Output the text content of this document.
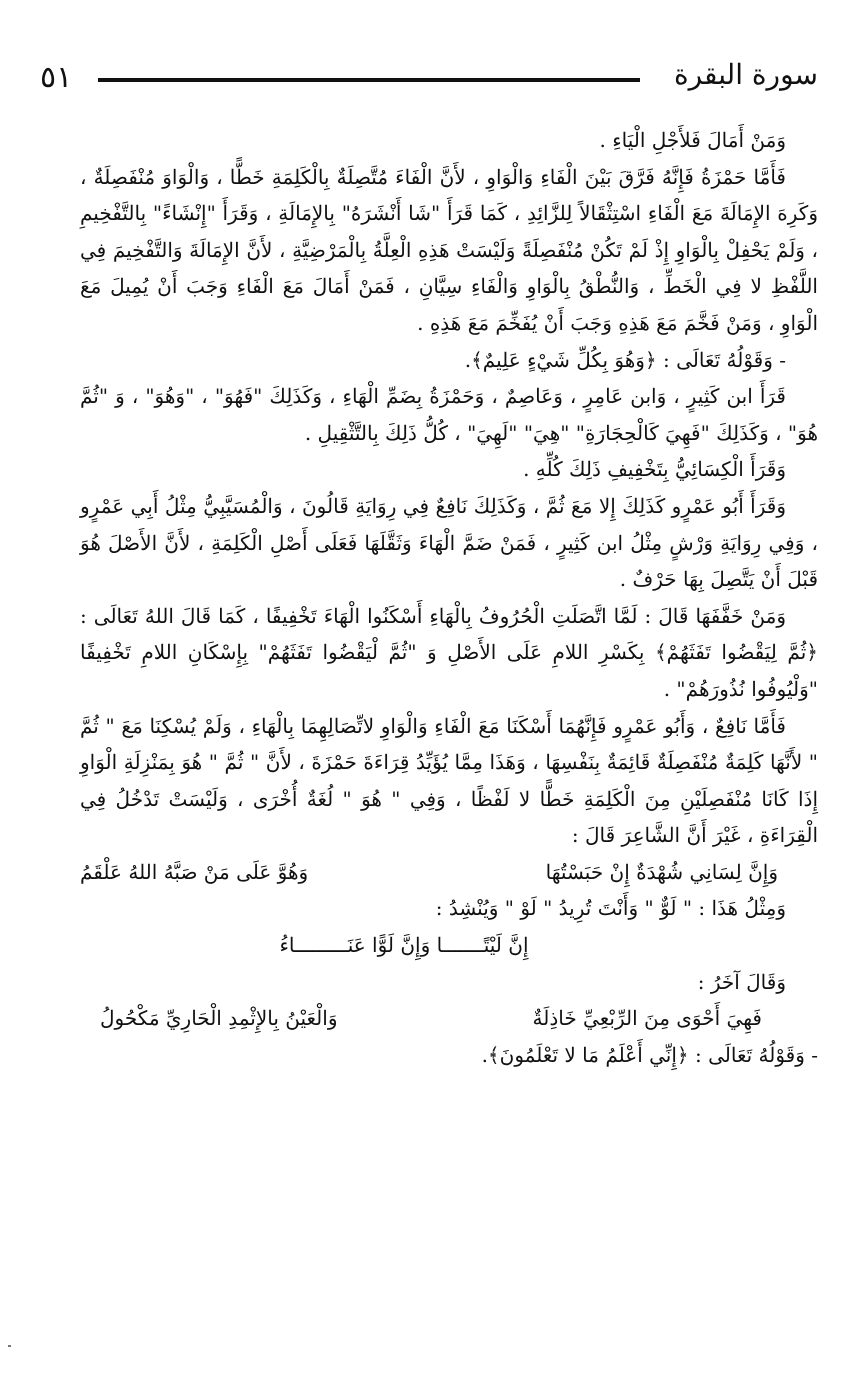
٥١	سورة البقرة

وَمَنْ أَمَالَ فَلأَجْلِ الْيَاءِ .

فَأَمَّا حَمْزَةُ فَإِنَّهُ فَرَّقَ بَيْنَ الْفَاءِ وَالْوَاوِ ، لأَنَّ الْفَاءَ مُتَّصِلَةٌ بِالْكَلِمَةِ خَطًّا ، وَالْوَاوَ مُنْفَصِلَةٌ ، وَكَرِهَ الإِمَالَةَ مَعَ الْفَاءِ اسْتِثْقَالاً لِلزَّائِدِ ، كَمَا قَرَأَ "شَا أَنْشَرَهُ" بِالإِمَالَةِ ، وَقَرَأَ "إِنْشَاءً" بِالتَّفْخِيمِ ، وَلَمْ يَحْفِلْ بِالْوَاوِ إِذْ لَمْ تَكُنْ مُنْفَصِلَةً وَلَيْسَتْ هَذِهِ الْعِلَّةُ بِالْمَرْضِيَّةِ ، لأَنَّ الإِمَالَةَ وَالتَّفْخِيمَ فِي اللَّفْظِ لا فِي الْخَطِّ ، وَالنُّطْقُ بِالْوَاوِ وَالْفَاءِ سِيَّانِ ، فَمَنْ أَمَالَ مَعَ الْفَاءِ وَجَبَ أَنْ يُمِيلَ مَعَ الْوَاوِ ، وَمَنْ فَخَّمَ مَعَ هَذِهِ وَجَبَ أَنْ يُفَخِّمَ مَعَ هَذِهِ .

- وَقَوْلُهُ تَعَالَى : ﴿وَهُوَ بِكُلِّ شَيْءٍ عَلِيمٌ﴾.

قَرَأَ ابن كَثِيرٍ ، وَابن عَامِرٍ ، وَعَاصِمٌ ، وَحَمْزَةُ بِضَمِّ الْهَاءِ ، وَكَذَلِكَ "فَهُوَ" ، "وَهُوَ" ، وَ "ثُمَّ هُوَ" ، وَكَذَلِكَ "فَهِيَ كَالْحِجَارَةِ" "هِيَ" "لَهِيَ" ، كُلُّ ذَلِكَ بِالتَّثْقِيلِ .

وَقَرَأَ الْكِسَائِيُّ بِتَخْفِيفِ ذَلِكَ كُلِّهِ .

وَقَرَأَ أَبُو عَمْرٍو كَذَلِكَ إِلا مَعَ ثُمَّ ، وَكَذَلِكَ نَافِعٌ فِي رِوَايَةِ قَالُونَ ، وَالْمُسَيَّبِيُّ مِثْلُ أَبِي عَمْرٍو ، وَفِي رِوَايَةِ وَرْشٍ مِثْلُ ابن كَثِيرٍ ، فَمَنْ ضَمَّ الْهَاءَ وَثَقَّلَهَا فَعَلَى أَصْلِ الْكَلِمَةِ ، لأَنَّ الأَصْلَ هُوَ قَبْلَ أَنْ يَتَّصِلَ بِهَا حَرْفٌ .

وَمَنْ خَفَّفَهَا قَالَ : لَمَّا اتَّصَلَتِ الْحُرُوفُ بِالْهَاءِ أَسْكَنُوا الْهَاءَ تَخْفِيفًا ، كَمَا قَالَ اللهُ تَعَالَى : ﴿ثُمَّ لِيَقْضُوا تَفَثَهُمْ﴾ بِكَسْرِ اللامِ عَلَى الأَصْلِ وَ "ثُمَّ لْيَقْضُوا تَفَثَهُمْ" بِإِسْكَانِ اللامِ تَخْفِيفًا "وَلْيُوفُوا نُذُورَهُمْ" .

فَأَمَّا نَافِعٌ ، وَأَبُو عَمْرٍو فَإِنَّهُمَا أَسْكَنَا مَعَ الْفَاءِ وَالْوَاوِ لاتِّصَالِهِمَا بِالْهَاءِ ، وَلَمْ يُسْكِنَا مَعَ " ثُمَّ " لأَنَّهَا كَلِمَةٌ مُنْفَصِلَةٌ قَائِمَةٌ بِنَفْسِهَا ، وَهَذَا مِمَّا يُؤَيِّدُ قِرَاءَةَ حَمْزَةَ ، لأَنَّ " ثُمَّ " هُوَ بِمَنْزِلَةِ الْوَاوِ إِذَا كَانَا مُنْفَصِلَيْنِ مِنَ الْكَلِمَةِ خَطًّا لا لَفْظًا ، وَفِي " هُوَ " لُغَةٌ أُخْرَى ، وَلَيْسَتْ تَدْخُلُ فِي الْقِرَاءَةِ ، غَيْرَ أَنَّ الشَّاعِرَ قَالَ :

وَإِنَّ لِسَانِي شُهْدَةٌ إِنْ حَبَسْتُهَا
وَهُوَّ عَلَى مَنْ صَبَّهُ اللهُ عَلْقَمُ

وَمِثْلُ هَذَا : " لَوٌّ " وَأَنْتَ تُرِيدُ " لَوْ " وَيُنْشِدُ :

إِنَّ لَيْتًـــــــا وَإِنَّ لَوًّا عَنَـــــــــاءُ

وَقَالَ آخَرُ :

فَهِيَ أَحْوَى مِنَ الرِّبْعِيِّ خَاذِلَةٌ
وَالْعَيْنُ بِالإِثْمِدِ الْحَارِيِّ مَكْحُولُ

- وَقَوْلُهُ تَعَالَى : ﴿إِنِّي أَعْلَمُ مَا لا تَعْلَمُونَ﴾.
